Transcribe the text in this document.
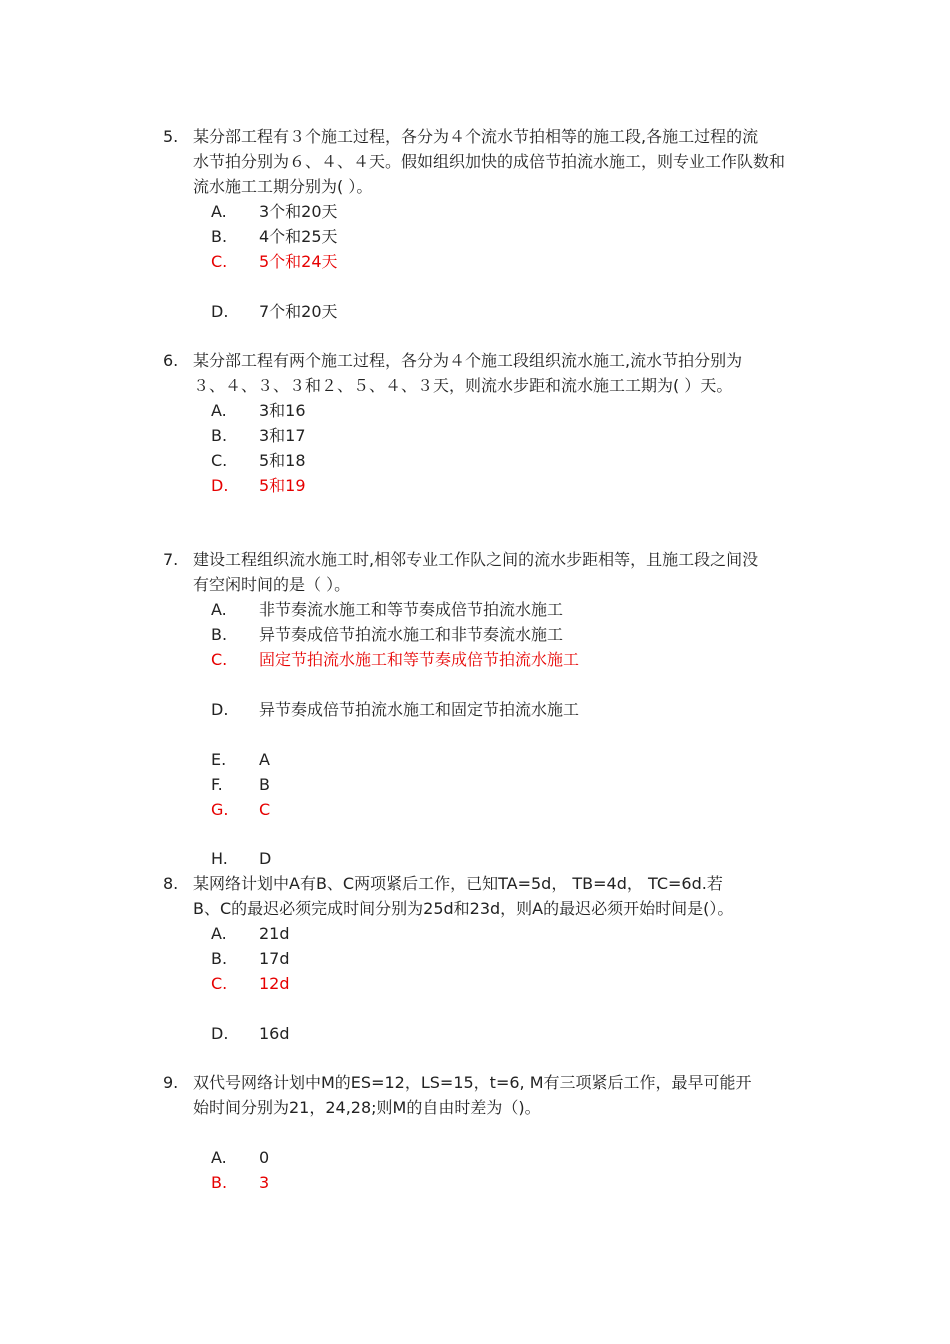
5. 某分部工程有３个施工过程，各分为４个流水节拍相等的施工段,各施工过程的流
水节拍分别为６、４、４天。假如组织加快的成倍节拍流水施工，则专业工作队数和
流水施工工期分别为( ）。
A. 3个和20天
B. 4个和25天
C. 5个和24天
D. 7个和20天
6. 某分部工程有两个施工过程，各分为４个施工段组织流水施工,流水节拍分别为
３、４、３、３和２、５、４、３天，则流水步距和流水施工工期为( ）天。
A. 3和16
B. 3和17
C. 5和18
D. 5和19
7. 建设工程组织流水施工时,相邻专业工作队之间的流水步距相等，且施工段之间没
有空闲时间的是（ ）。
A. 非节奏流水施工和等节奏成倍节拍流水施工
B. 异节奏成倍节拍流水施工和非节奏流水施工
C. 固定节拍流水施工和等节奏成倍节拍流水施工
D. 异节奏成倍节拍流水施工和固定节拍流水施工
E. A
F. B
G. C
H. D
8. 某网络计划中A有B、C两项紧后工作，已知TA=5d， TB=4d， TC=6d.若
B、C的最迟必须完成时间分别为25d和23d，则A的最迟必须开始时间是(）。
A. 21d
B. 17d
C. 12d
D. 16d
9. 双代号网络计划中M的ES=12，LS=15，t=6, M有三项紧后工作，最早可能开
始时间分别为21，24,28;则M的自由时差为（)。
A. 0
B. 3
